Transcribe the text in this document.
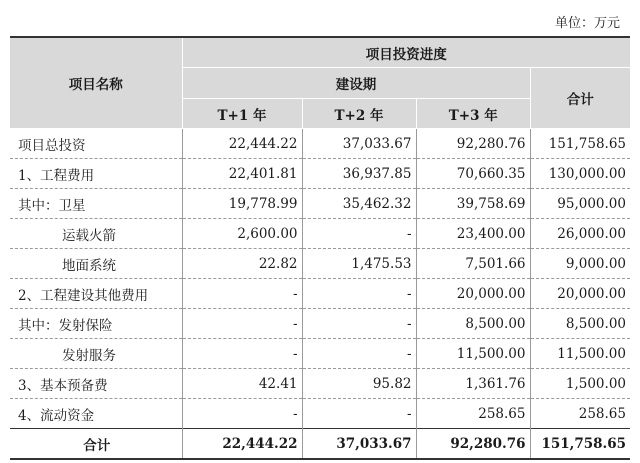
单位：万元
项目名称	项目投资进度			
	建设期			合计
	T+1 年	T+2 年	T+3 年	
项目总投资	22,444.22	37,033.67	92,280.76	151,758.65
1、工程费用	22,401.81	36,937.85	70,660.35	130,000.00
其中：卫星	19,778.99	35,462.32	39,758.69	95,000.00
运载火箭	2,600.00	-	23,400.00	26,000.00
地面系统	22.82	1,475.53	7,501.66	9,000.00
2、工程建设其他费用	-	-	20,000.00	20,000.00
其中：发射保险	-	-	8,500.00	8,500.00
发射服务	-	-	11,500.00	11,500.00
3、基本预备费	42.41	95.82	1,361.76	1,500.00
4、流动资金	-	-	258.65	258.65
合计	22,444.22	37,033.67	92,280.76	151,758.65
